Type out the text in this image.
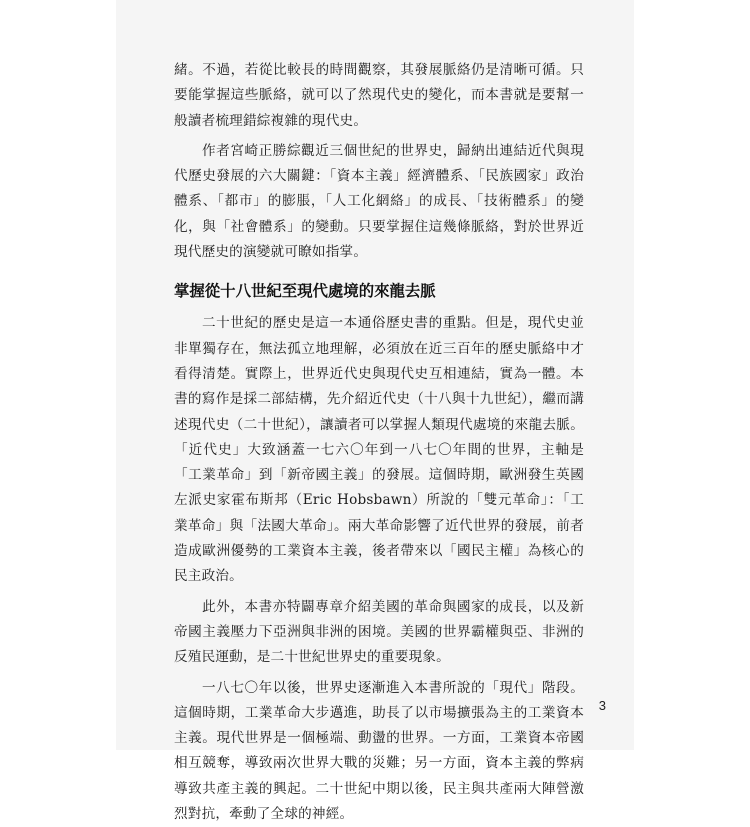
緒。不過，若從比較長的時間觀察，其發展脈絡仍是清晰可循。只要能掌握這些脈絡，就可以了然現代史的變化，而本書就是要幫一般讀者梳理錯綜複雜的現代史。

作者宮崎正勝綜觀近三個世紀的世界史，歸納出連結近代與現代歷史發展的六大關鍵：「資本主義」經濟體系、「民族國家」政治體系、「都市」的膨脹，「人工化網絡」的成長、「技術體系」的變化，與「社會體系」的變動。只要掌握住這幾條脈絡，對於世界近現代歷史的演變就可瞭如指掌。

掌握從十八世紀至現代處境的來龍去脈

二十世紀的歷史是這一本通俗歷史書的重點。但是，現代史並非單獨存在，無法孤立地理解，必須放在近三百年的歷史脈絡中才看得清楚。實際上，世界近代史與現代史互相連結，實為一體。本書的寫作是採二部結構，先介紹近代史（十八與十九世紀），繼而講述現代史（二十世紀），讓讀者可以掌握人類現代處境的來龍去脈。「近代史」大致涵蓋一七六〇年到一八七〇年間的世界，主軸是「工業革命」到「新帝國主義」的發展。這個時期，歐洲發生英國左派史家霍布斯邦（Eric Hobsbawn）所說的「雙元革命」：「工業革命」與「法國大革命」。兩大革命影響了近代世界的發展，前者造成歐洲優勢的工業資本主義，後者帶來以「國民主權」為核心的民主政治。

此外，本書亦特闢專章介紹美國的革命與國家的成長，以及新帝國主義壓力下亞洲與非洲的困境。美國的世界霸權與亞、非洲的反殖民運動，是二十世紀世界史的重要現象。

一八七〇年以後，世界史逐漸進入本書所說的「現代」階段。這個時期，工業革命大步邁進，助長了以市場擴張為主的工業資本主義。現代世界是一個極端、動盪的世界。一方面，工業資本帝國相互競奪，導致兩次世界大戰的災難；另一方面，資本主義的弊病導致共產主義的興起。二十世紀中期以後，民主與共產兩大陣營激烈對抗，牽動了全球的神經。

3
